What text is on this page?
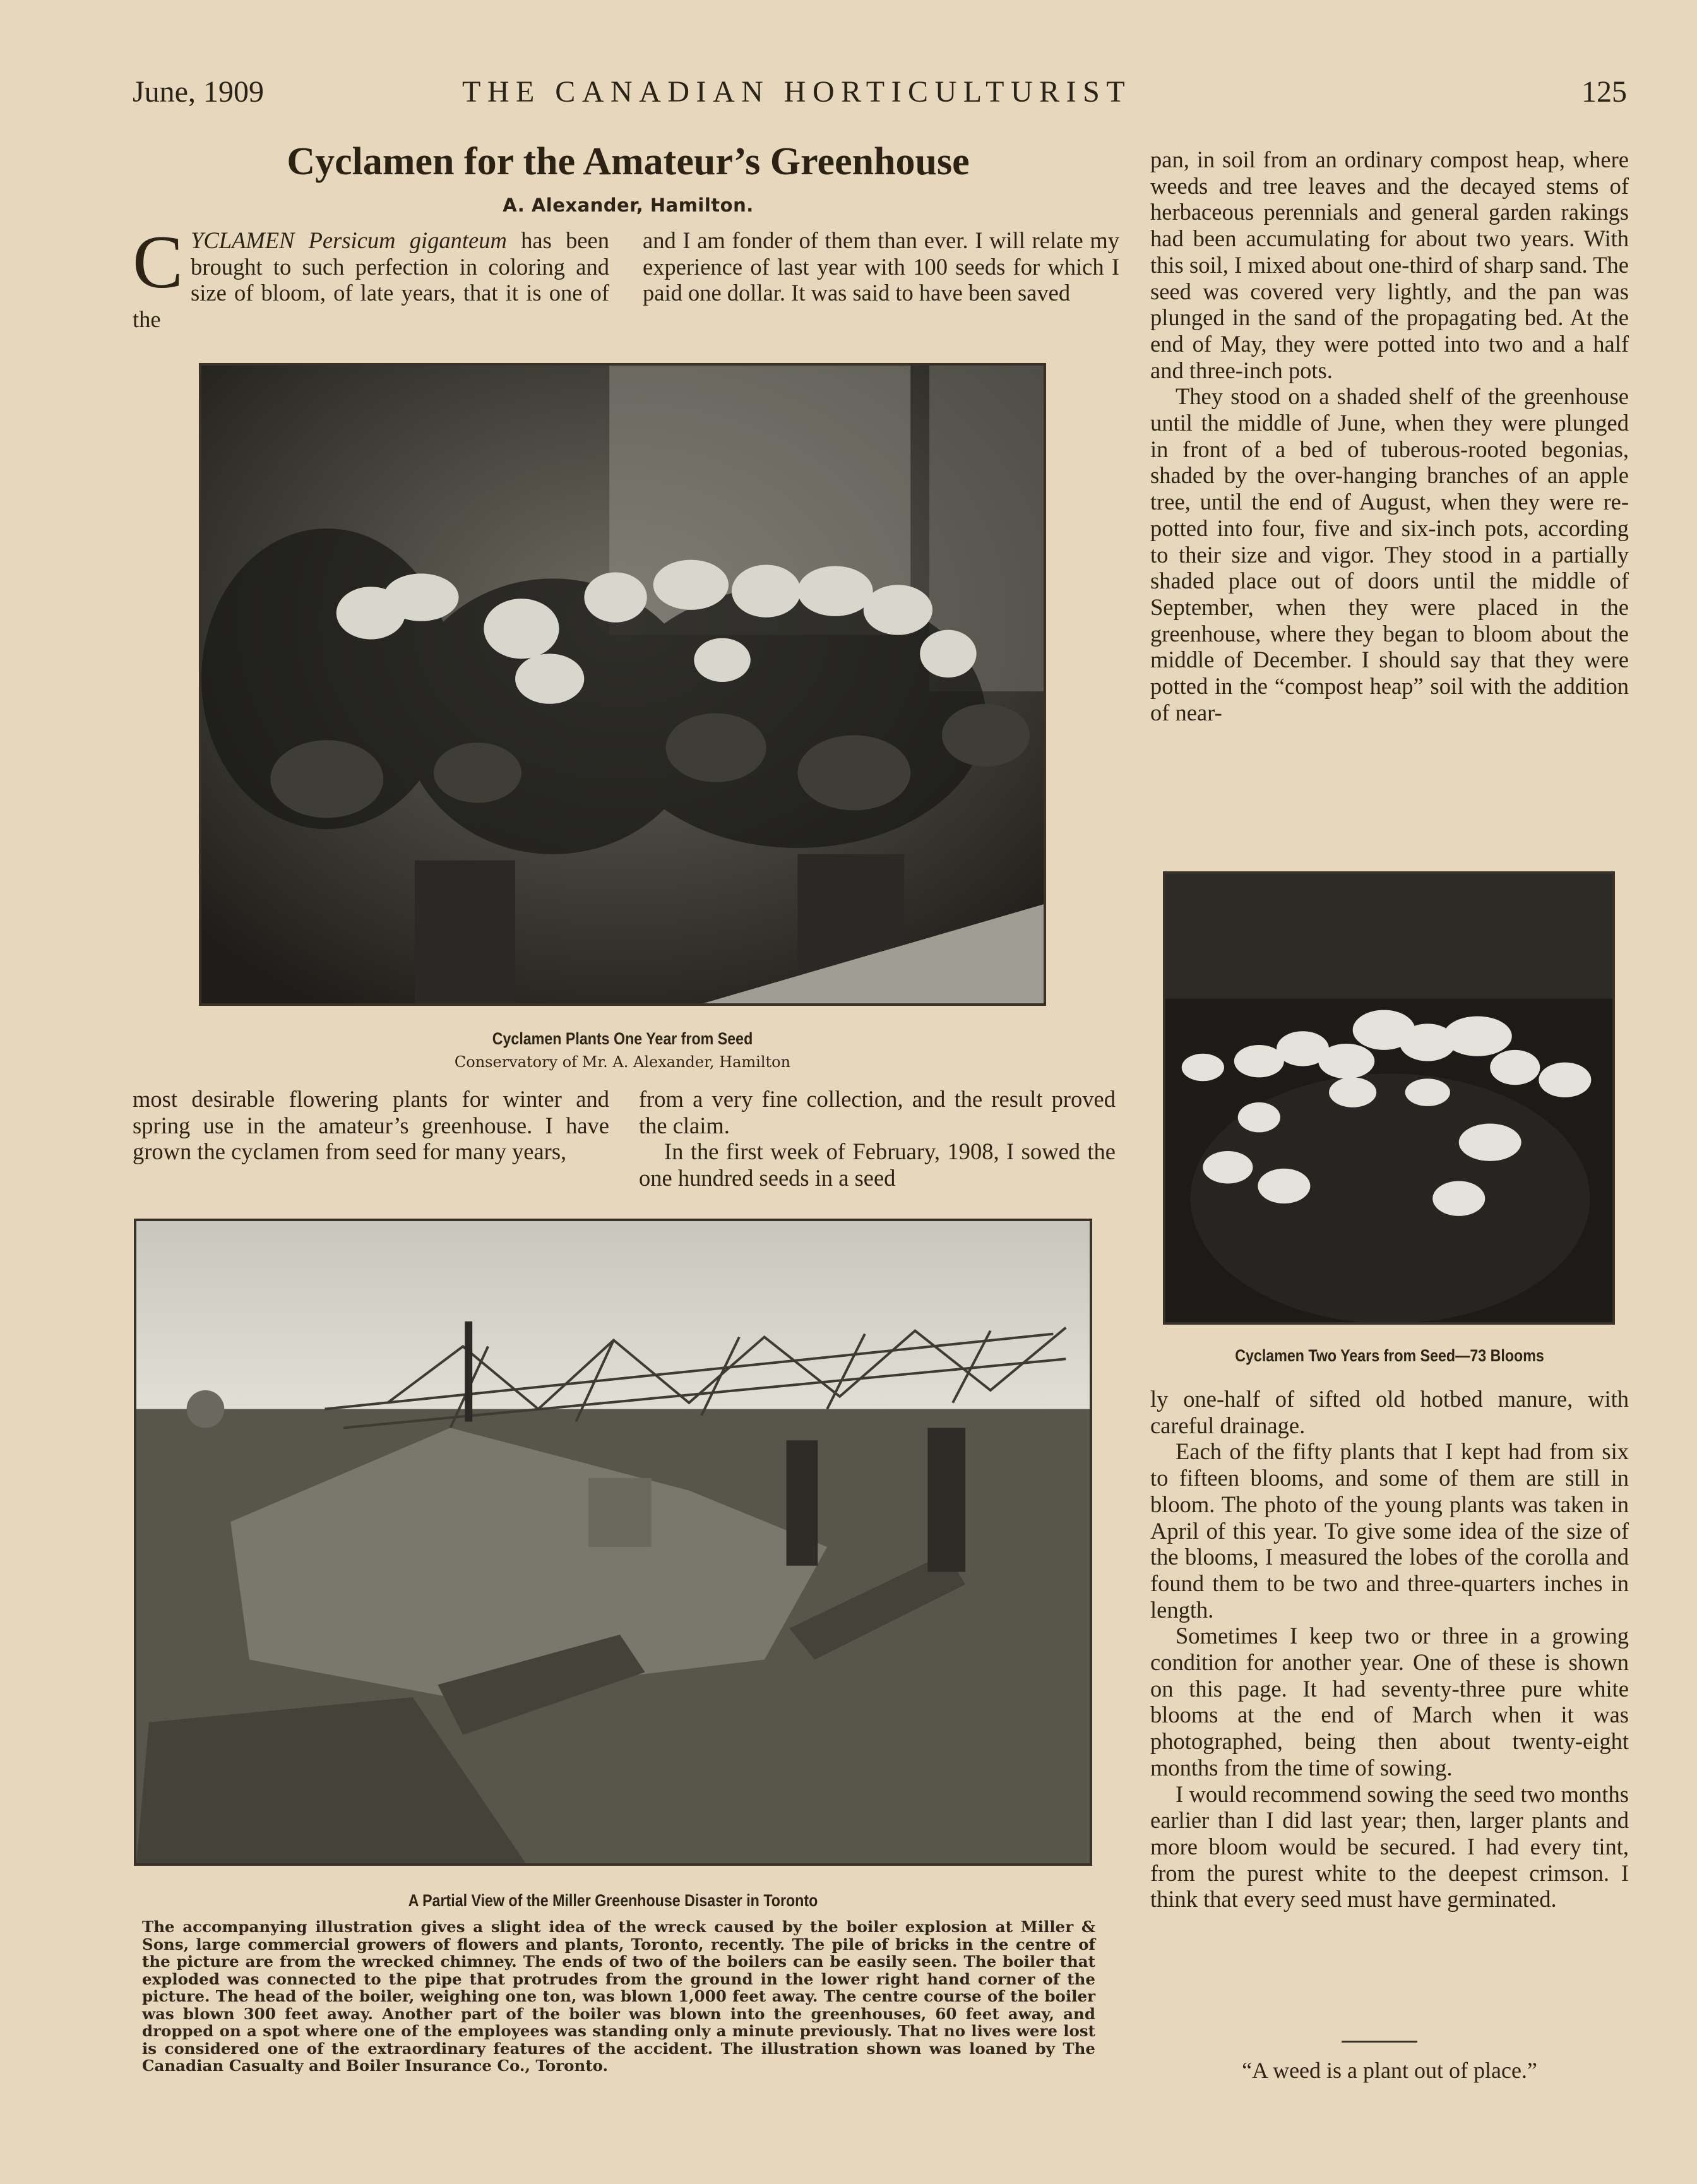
June, 1909	THE CANADIAN HORTICULTURIST	125
Cyclamen for the Amateur’s Greenhouse
A. Alexander, Hamilton.

CYCLAMEN Persicum giganteum has been brought to such perfection in coloring and size of bloom, of late years, that it is one of the

and I am fonder of them than ever. I will relate my experience of last year with 100 seeds for which I paid one dollar. It was said to have been saved

Cyclamen Plants One Year from Seed
Conservatory of Mr. A. Alexander, Hamilton

most desirable flowering plants for winter and spring use in the amateur’s greenhouse. I have grown the cyclamen from seed for many years,

from a very fine collection, and the result proved the claim.

In the first week of February, 1908, I sowed the one hundred seeds in a seed

pan, in soil from an ordinary compost heap, where weeds and tree leaves and the decayed stems of herbaceous perennials and general garden rakings had been accumulating for about two years. With this soil, I mixed about one-third of sharp sand. The seed was covered very lightly, and the pan was plunged in the sand of the propagating bed. At the end of May, they were potted into two and a half and three-inch pots.

They stood on a shaded shelf of the greenhouse until the middle of June, when they were plunged in front of a bed of tuberous-rooted begonias, shaded by the over-hanging branches of an apple tree, until the end of August, when they were re-potted into four, five and six-inch pots, according to their size and vigor. They stood in a partially shaded place out of doors until the middle of September, when they were placed in the greenhouse, where they began to bloom about the middle of December. I should say that they were potted in the “compost heap” soil with the addition of near-

Cyclamen Two Years from Seed—73 Blooms

ly one-half of sifted old hotbed manure, with careful drainage.

Each of the fifty plants that I kept had from six to fifteen blooms, and some of them are still in bloom. The photo of the young plants was taken in April of this year. To give some idea of the size of the blooms, I measured the lobes of the corolla and found them to be two and three-quarters inches in length.

Sometimes I keep two or three in a growing condition for another year. One of these is shown on this page. It had seventy-three pure white blooms at the end of March when it was photographed, being then about twenty-eight months from the time of sowing.

I would recommend sowing the seed two months earlier than I did last year; then, larger plants and more bloom would be secured. I had every tint, from the purest white to the deepest crimson. I think that every seed must have germinated.

“A weed is a plant out of place.”
A Partial View of the Miller Greenhouse Disaster in Toronto
The accompanying illustration gives a slight idea of the wreck caused by the boiler explosion at Miller & Sons, large commercial growers of flowers and plants, Toronto, recently. The pile of bricks in the centre of the picture are from the wrecked chimney. The ends of two of the boilers can be easily seen. The boiler that exploded was connected to the pipe that protrudes from the ground in the lower right hand corner of the picture. The head of the boiler, weighing one ton, was blown 1,000 feet away. The centre course of the boiler was blown 300 feet away. Another part of the boiler was blown into the greenhouses, 60 feet away, and dropped on a spot where one of the employees was standing only a minute previously. That no lives were lost is considered one of the extraordinary features of the accident. The illustration shown was loaned by The Canadian Casualty and Boiler Insurance Co., Toronto.
